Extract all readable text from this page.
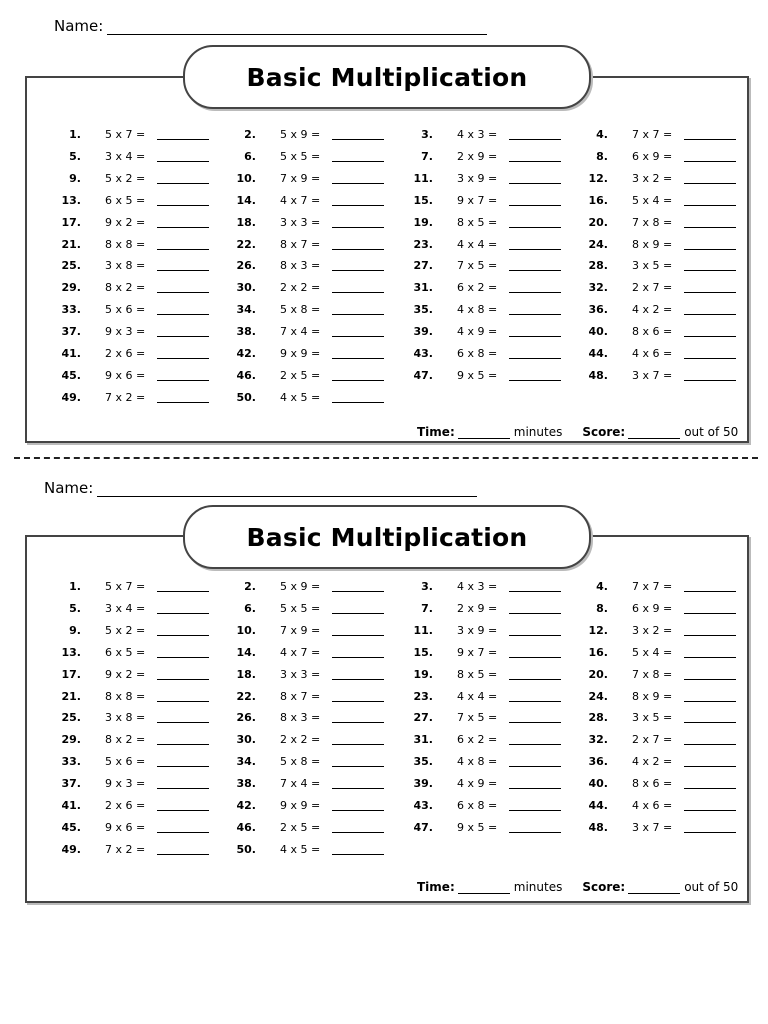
Name:
1. 5 x 7 =	2. 5 x 9 =	3. 4 x 3 =	4. 7 x 7 =
5. 3 x 4 =	6. 5 x 5 =	7. 2 x 9 =	8. 6 x 9 =
9. 5 x 2 =	10. 7 x 9 =	11. 3 x 9 =	12. 3 x 2 =
13. 6 x 5 =	14. 4 x 7 =	15. 9 x 7 =	16. 5 x 4 =
17. 9 x 2 =	18. 3 x 3 =	19. 8 x 5 =	20. 7 x 8 =
21. 8 x 8 =	22. 8 x 7 =	23. 4 x 4 =	24. 8 x 9 =
25. 3 x 8 =	26. 8 x 3 =	27. 7 x 5 =	28. 3 x 5 =
29. 8 x 2 =	30. 2 x 2 =	31. 6 x 2 =	32. 2 x 7 =
33. 5 x 6 =	34. 5 x 8 =	35. 4 x 8 =	36. 4 x 2 =
37. 9 x 3 =	38. 7 x 4 =	39. 4 x 9 =	40. 8 x 6 =
41. 2 x 6 =	42. 9 x 9 =	43. 6 x 8 =	44. 4 x 6 =
45. 9 x 6 =	46. 2 x 5 =	47. 9 x 5 =	48. 3 x 7 =
49. 7 x 2 =	50. 4 x 5 =
Time:	minutes Score:	out of 50
Basic Multiplication
Name:
1. 5 x 7 =	2. 5 x 9 =	3. 4 x 3 =	4. 7 x 7 =
5. 3 x 4 =	6. 5 x 5 =	7. 2 x 9 =	8. 6 x 9 =
9. 5 x 2 =	10. 7 x 9 =	11. 3 x 9 =	12. 3 x 2 =
13. 6 x 5 =	14. 4 x 7 =	15. 9 x 7 =	16. 5 x 4 =
17. 9 x 2 =	18. 3 x 3 =	19. 8 x 5 =	20. 7 x 8 =
21. 8 x 8 =	22. 8 x 7 =	23. 4 x 4 =	24. 8 x 9 =
25. 3 x 8 =	26. 8 x 3 =	27. 7 x 5 =	28. 3 x 5 =
29. 8 x 2 =	30. 2 x 2 =	31. 6 x 2 =	32. 2 x 7 =
33. 5 x 6 =	34. 5 x 8 =	35. 4 x 8 =	36. 4 x 2 =
37. 9 x 3 =	38. 7 x 4 =	39. 4 x 9 =	40. 8 x 6 =
41. 2 x 6 =	42. 9 x 9 =	43. 6 x 8 =	44. 4 x 6 =
45. 9 x 6 =	46. 2 x 5 =	47. 9 x 5 =	48. 3 x 7 =
49. 7 x 2 =	50. 4 x 5 =
Time:	minutes Score:	out of 50
Basic Multiplication
